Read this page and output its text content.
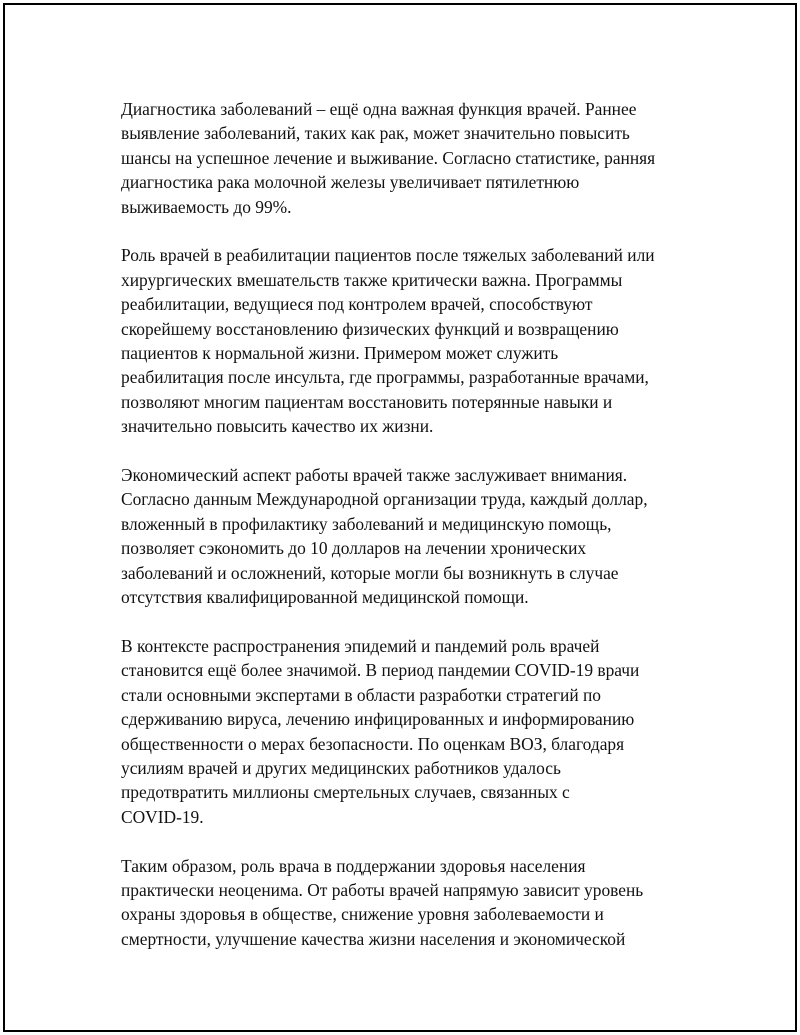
Диагностика заболеваний – ещё одна важная функция врачей. Раннее
выявление заболеваний, таких как рак, может значительно повысить
шансы на успешное лечение и выживание. Согласно статистике, ранняя
диагностика рака молочной железы увеличивает пятилетнюю
выживаемость до 99%.

Роль врачей в реабилитации пациентов после тяжелых заболеваний или
хирургических вмешательств также критически важна. Программы
реабилитации, ведущиеся под контролем врачей, способствуют
скорейшему восстановлению физических функций и возвращению
пациентов к нормальной жизни. Примером может служить
реабилитация после инсульта, где программы, разработанные врачами,
позволяют многим пациентам восстановить потерянные навыки и
значительно повысить качество их жизни.

Экономический аспект работы врачей также заслуживает внимания.
Согласно данным Международной организации труда, каждый доллар,
вложенный в профилактику заболеваний и медицинскую помощь,
позволяет сэкономить до 10 долларов на лечении хронических
заболеваний и осложнений, которые могли бы возникнуть в случае
отсутствия квалифицированной медицинской помощи.

В контексте распространения эпидемий и пандемий роль врачей
становится ещё более значимой. В период пандемии COVID-19 врачи
стали основными экспертами в области разработки стратегий по
сдерживанию вируса, лечению инфицированных и информированию
общественности о мерах безопасности. По оценкам ВОЗ, благодаря
усилиям врачей и других медицинских работников удалось
предотвратить миллионы смертельных случаев, связанных с
COVID-19.

Таким образом, роль врача в поддержании здоровья населения
практически неоценима. От работы врачей напрямую зависит уровень
охраны здоровья в обществе, снижение уровня заболеваемости и
смертности, улучшение качества жизни населения и экономической
